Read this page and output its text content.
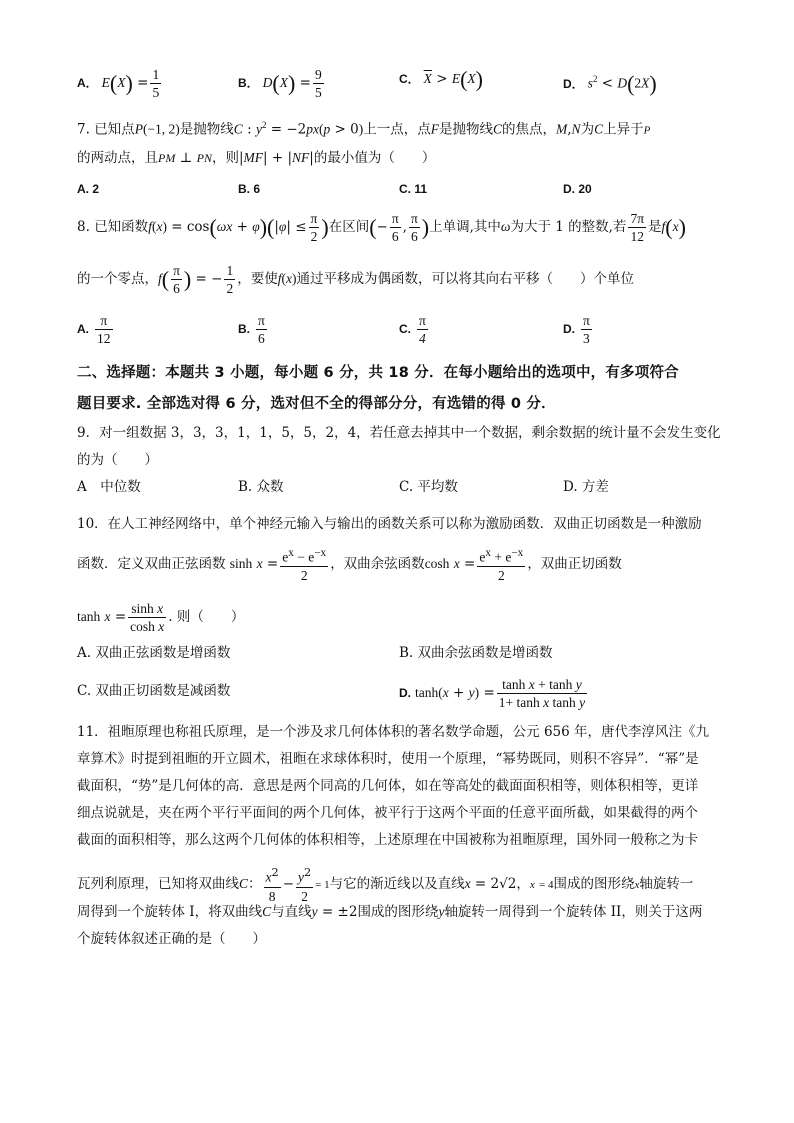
A． $E(X) = \frac{1}{5}$	B． $D(X) = \frac{9}{5}$	C． $\overline{X} > E(X)$	D． $s^2 < D(2X)$
7. 已知点P(−1, 2)是抛物线C : $y^2 = -2px(p > 0)$上一点，点F是抛物线C的焦点，M,N为C上异于P
的两动点，且PM ⊥ PN，则|MF| + |NF|的最小值为（　　）
A. 2	B. 6	C. 11	D. 20
8. 已知函数$f(x) = \cos(\omega x + \varphi)(|\varphi| \le \frac{\pi}{2}$ )在区间(− $\frac{\pi}{6}$ , $\frac{\pi}{6}$ )上单调,其中ω为大于 1 的整数,若 $\frac{7\pi}{12}$ 是f(x)
的一个零点，$f( \frac{\pi}{6}$ ) = − $\frac{1}{2}$ ，要使f(x)通过平移成为偶函数，可以将其向右平移（　　）个单位
A. $\frac{\pi}{12}$	B. $\frac{\pi}{6}$	C. $\frac{\pi}{4}$	D. $\frac{\pi}{3}$
二、选择题：本题共 3 小题，每小题 6 分，共 18 分．在每小题给出的选项中，有多项符合
题目要求. 全部选对得 6 分，选对但不全的得部分分，有选错的得 0 分．
9．对一组数据 3，3，3，1，1，5，5，2，4，若任意去掉其中一个数据，剩余数据的统计量不会发生变化
的为（　　）
A　中位数	B. 众数	C. 平均数	D. 方差
10．在人工神经网络中，单个神经元输入与输出的函数关系可以称为激励函数．双曲正切函数是一种激励
函数．定义双曲正弦函数 $\sinh x = \frac{e^x - e^{-x}}{2}$ ，双曲余弦函数$\cosh x = \frac{e^x + e^{-x}}{2}$ ，双曲正切函数
$\tanh x = \frac{\text{sinh x}}{\text{cosh x}}$ . 则（　　）
A. 双曲正弦函数是增函数	B. 双曲余弦函数是增函数
C. 双曲正切函数是减函数	D. $\tanh(x + y) = \frac{\text{tanh x + tanh y}}{\text{1+ tanh x tanh y}}$
11．祖暅原理也称祖氏原理，是一个涉及求几何体体积的著名数学命题，公元 656 年，唐代李淳风注《九
章算术》时提到祖暅的开立圆术，祖暅在求球体积时，使用一个原理，“幂势既同，则积不容异”．“幂”是
截面积，“势”是几何体的高．意思是两个同高的几何体，如在等高处的截面面积相等，则体积相等，更详
细点说就是，夹在两个平行平面间的两个几何体，被平行于这两个平面的任意平面所截，如果截得的两个
截面的面积相等，那么这两个几何体的体积相等，上述原理在中国被称为祖暅原理，国外同一般称之为卡
瓦列利原理，已知将双曲线C： $\frac{x^2}{8} - \frac{y^2}{2} = 1$与它的渐近线以及直线x = 2√2，x = 4围成的图形绕x轴旋转一
周得到一个旋转体 I，将双曲线C与直线y = ±2围成的图形绕y轴旋转一周得到一个旋转体 II，则关于这两
个旋转体叙述正确的是（　　）
